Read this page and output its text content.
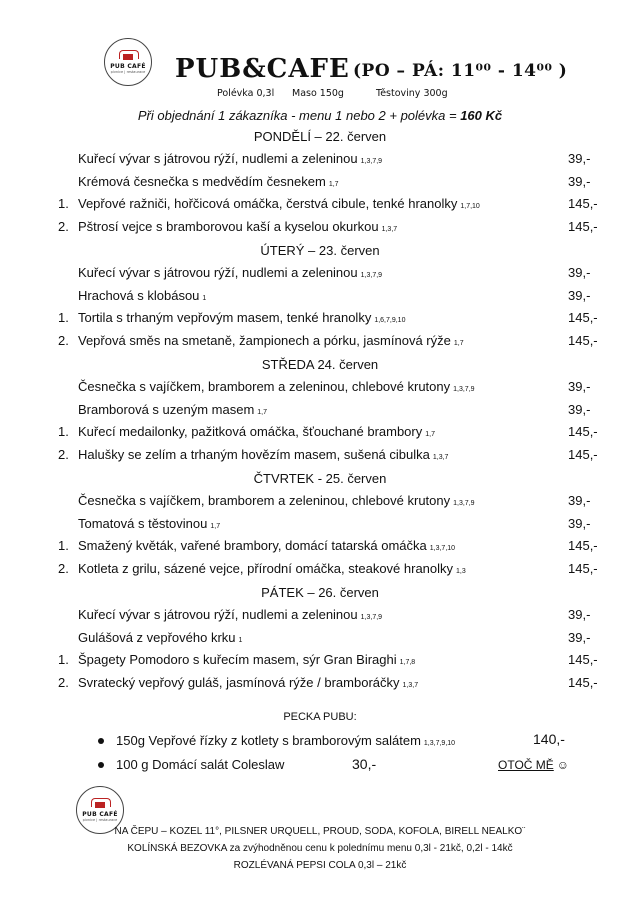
PUB CAFÉ
pivnice | restaurace PUB&CAFE (PO – PÁ: 11⁰⁰ - 14⁰⁰ )
Polévka 0,3l Maso 150g	Těstoviny 300g
Při objednání 1 zákazníka - menu 1 nebo 2 + polévka = 160 Kč
PONDĚLÍ – 22. červen
Kuřecí vývar s játrovou rýží, nudlemi a zeleninou 1,3,7,9	39,-
Krémová česnečka s medvědím česnekem 1,7	39,-
1. Vepřové ražniči, hořčicová omáčka, čerstvá cibule, tenké hranolky 1,7,10	145,-
2. Pštrosí vejce s bramborovou kaší a kyselou okurkou 1,3,7	145,-
ÚTERÝ – 23. červen
Kuřecí vývar s játrovou rýží, nudlemi a zeleninou 1,3,7,9	39,-
Hrachová s klobásou 1	39,-
1. Tortila s trhaným vepřovým masem, tenké hranolky 1,6,7,9,10	145,-
2. Vepřová směs na smetaně, žampionech a pórku, jasmínová rýže 1,7	145,-
STŘEDA 24. červen
Česnečka s vajíčkem, bramborem a zeleninou, chlebové krutony 1,3,7,9	39,-
Bramborová s uzeným masem 1,7	39,-
1. Kuřecí medailonky, pažitková omáčka, šťouchané brambory 1,7	145,-
2. Halušky se zelím a trhaným hovězím masem, sušená cibulka 1,3,7	145,-
ČTVRTEK - 25. červen
Česnečka s vajíčkem, bramborem a zeleninou, chlebové krutony 1,3,7,9	39,-
Tomatová s těstovinou 1,7	39,-
1. Smažený květák, vařené brambory, domácí tatarská omáčka 1,3,7,10	145,-
2. Kotleta z grilu, sázené vejce, přírodní omáčka, steakové hranolky 1,3	145,-
PÁTEK – 26. červen
Kuřecí vývar s játrovou rýží, nudlemi a zeleninou 1,3,7,9	39,-
Gulášová z vepřového krku 1	39,-
1. Špagety Pomodoro s kuřecím masem, sýr Gran Biraghi 1,7,8	145,-
2. Svratecký vepřový guláš, jasmínová rýže / bramboráčky 1,3,7	145,-
PECKA PUBU:
150g Vepřové řízky z kotlety s bramborovým salátem 1,3,7,9,10	140,-
100 g Domácí salát Coleslaw	30,-	OTOČ MĚ ☺
PUB CAFÉ
pivnice | restaurace
NA ČEPU – KOZEL 11°, PILSNER URQUELL, PROUD, SODA, KOFOLA, BIRELL NEALKO¨
KOLÍNSKÁ BEZOVKA za zvýhodněnou cenu k polednímu menu 0,3l - 21kč, 0,2l - 14kč
ROZLÉVANÁ PEPSI COLA 0,3l – 21kč
